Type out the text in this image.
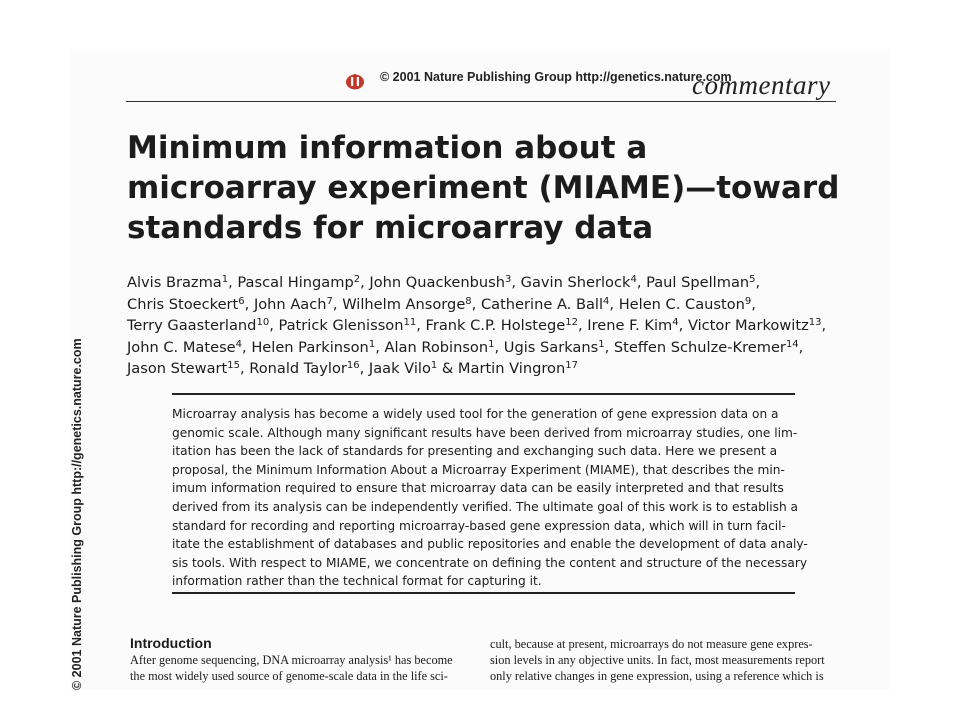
© 2001 Nature Publishing Group http://genetics.nature.com
© 2001 Nature Publishing Group http://genetics.nature.com
commentary
Minimum information about a microarray experiment (MIAME)—toward standards for microarray data
Alvis Brazma$^1$, Pascal Hingamp$^2$, John Quackenbush$^3$, Gavin Sherlock$^4$, Paul Spellman$^5$, Chris Stoeckert$^6$, John Aach$^7$, Wilhelm Ansorge$^8$, Catherine A. Ball$^4$, Helen C. Causton$^9$, Terry Gaasterland$^{10}$, Patrick Glenisson$^{11}$, Frank C.P. Holstege$^{12}$, Irene F. Kim$^4$, Victor Markowitz$^{13}$, John C. Matese$^4$, Helen Parkinson$^1$, Alan Robinson$^1$, Ugis Sarkans$^1$, Steffen Schulze-Kremer$^{14}$, Jason Stewart$^{15}$, Ronald Taylor$^{16}$, Jaak Vilo$^1$ & Martin Vingron$^{17}$
Microarray analysis has become a widely used tool for the generation of gene expression data on a
genomic scale. Although many significant results have been derived from microarray studies, one lim-
itation has been the lack of standards for presenting and exchanging such data. Here we present a
proposal, the Minimum Information About a Microarray Experiment (MIAME), that describes the min-
imum information required to ensure that microarray data can be easily interpreted and that results
derived from its analysis can be independently verified. The ultimate goal of this work is to establish a
standard for recording and reporting microarray-based gene expression data, which will in turn facil-
itate the establishment of databases and public repositories and enable the development of data analy-
sis tools. With respect to MIAME, we concentrate on defining the content and structure of the necessary
information rather than the technical format for capturing it.
Introduction
After genome sequencing, DNA microarray analysis¹ has become
the most widely used source of genome-scale data in the life sci-
cult, because at present, microarrays do not measure gene expres-
sion levels in any objective units. In fact, most measurements report
only relative changes in gene expression, using a reference which is
